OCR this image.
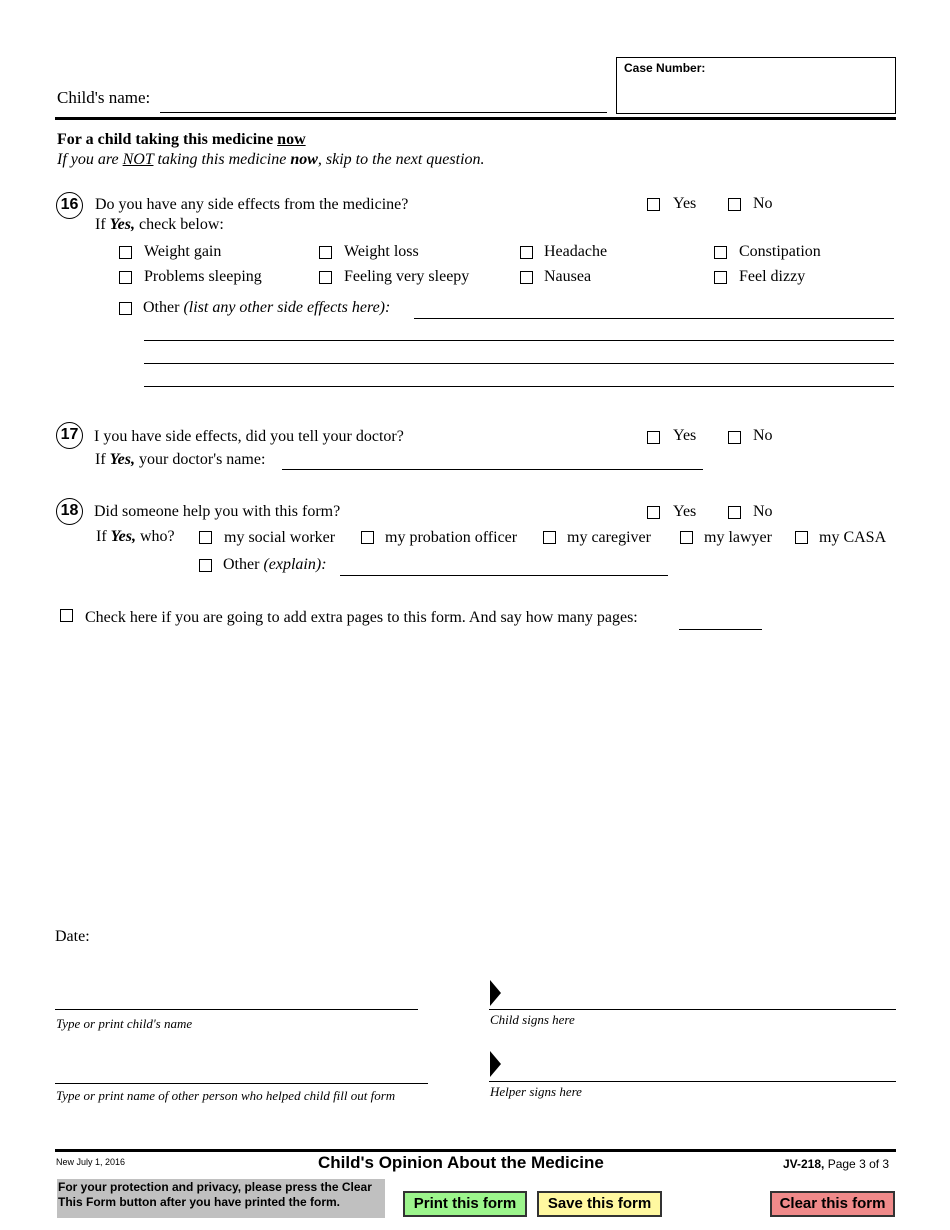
Child's name:
Case Number:
For a child taking this medicine now
If you are NOT taking this medicine now, skip to the next question.
16 Do you have any side effects from the medicine?	Yes	No
If Yes, check below:
Weight gain	Weight loss	Headache	Constipation
Problems sleeping	Feeling very sleepy	Nausea	Feel dizzy
Other (list any other side effects here):
17 I you have side effects, did you tell your doctor?	Yes	No
If Yes, your doctor's name:
18 Did someone help you with this form?	Yes	No
If Yes, who?	my social worker	my probation officer	my caregiver	my lawyer	my CASA
Other (explain):
Check here if you are going to add extra pages to this form. And say how many pages:
Date:
Type or print child's name	Child signs here
Type or print name of other person who helped child fill out form	Helper signs here
New July 1, 2016	Child's Opinion About the Medicine	JV-218, Page 3 of 3
For your protection and privacy, please press the Clear This Form button after you have printed the form.	Print this form	Save this form	Clear this form
